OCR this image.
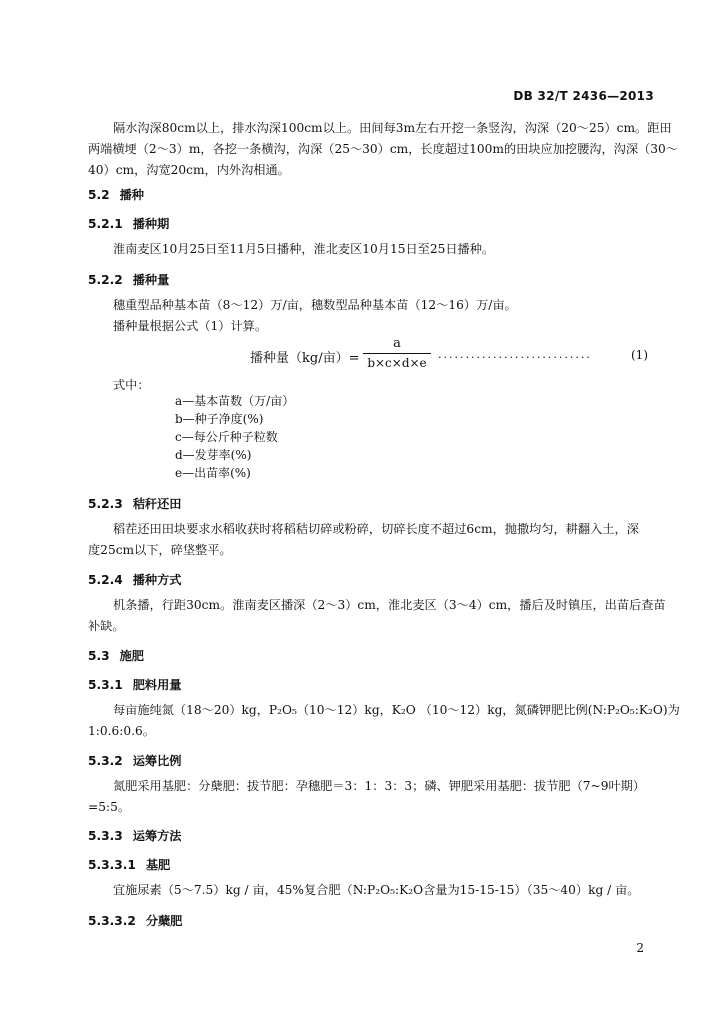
DB 32/T 2436—2013
隔水沟深80cm以上，排水沟深100cm以上。田间每3m左右开挖一条竖沟，沟深（20～25）cm。距田
两端横埂（2～3）m，各挖一条横沟，沟深（25～30）cm，长度超过100m的田块应加挖腰沟，沟深（30～
40）cm，沟宽20cm，内外沟相通。
5.2 播种
5.2.1 播种期
淮南麦区10月25日至11月5日播种，淮北麦区10月15日至25日播种。
5.2.2 播种量
穗重型品种基本苗（8～12）万/亩，穗数型品种基本苗（12～16）万/亩。
播种量根据公式（1）计算。
播种量（kg/亩）=
a
b×c×d×e
............................	(1)
式中：
a—基本苗数（万/亩）
b—种子净度(%)
c—每公斤种子粒数
d—发芽率(%)
e—出苗率(%)
5.2.3 秸秆还田
稻茬还田田块要求水稻收获时将稻秸切碎或粉碎，切碎长度不超过6cm，抛撒均匀，耕翻入土，深
度25cm以下，碎垡整平。
5.2.4 播种方式
机条播，行距30cm。淮南麦区播深（2～3）cm，淮北麦区（3～4）cm，播后及时镇压，出苗后查苗
补缺。
5.3 施肥
5.3.1 肥料用量
每亩施纯氮（18～20）kg，P₂O₅（10～12）kg，K₂O （10～12）kg，氮磷钾肥比例(N:P₂O₅:K₂O)为
1:0.6:0.6。
5.3.2 运筹比例
氮肥采用基肥：分蘖肥：拔节肥：孕穗肥＝3：1：3：3；磷、钾肥采用基肥：拔节肥（7~9叶期）
=5:5。
5.3.3 运筹方法
5.3.3.1 基肥
宜施尿素（5～7.5）kg / 亩，45%复合肥（N:P₂O₅:K₂O含量为15-15-15）（35～40）kg / 亩。
5.3.3.2 分蘖肥
2
